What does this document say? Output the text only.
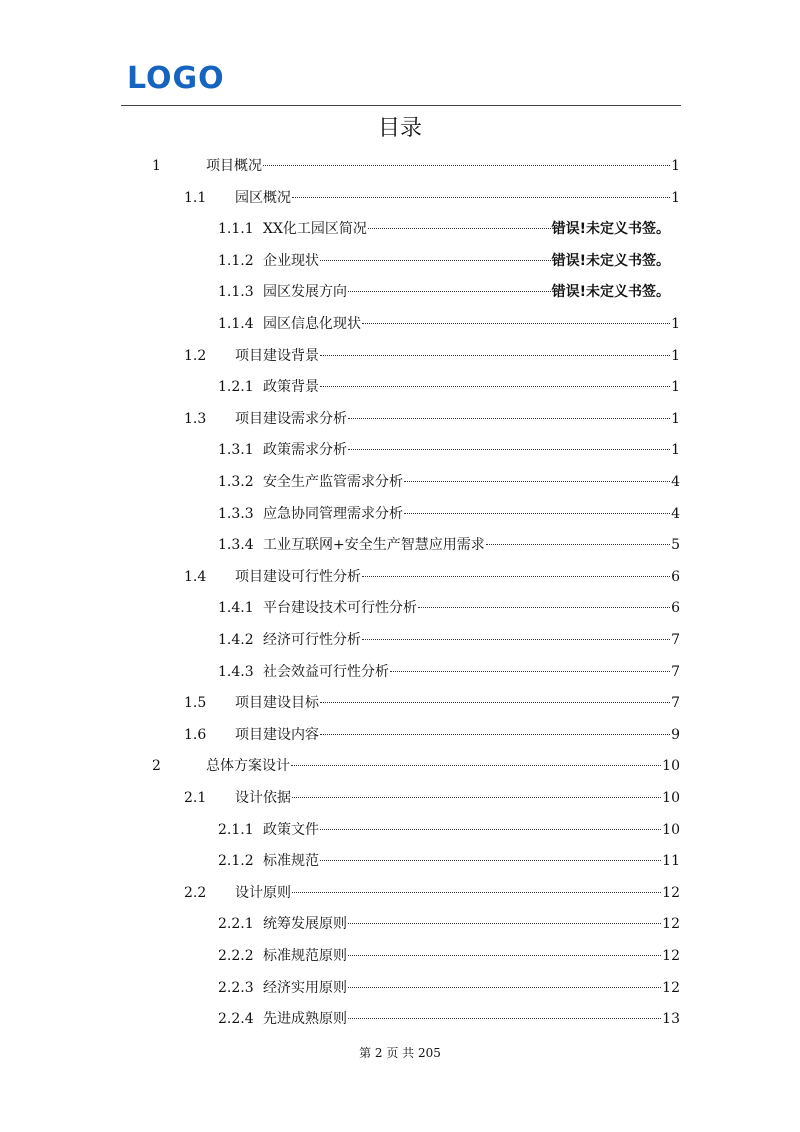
LOGO
目录
1	项目概况	1
1.1	园区概况	1
1.1.1 XX化工园区简况	错误!未定义书签。
1.1.2 企业现状	错误!未定义书签。
1.1.3 园区发展方向	错误!未定义书签。
1.1.4 园区信息化现状	1
1.2	项目建设背景	1
1.2.1 政策背景	1
1.3	项目建设需求分析	1
1.3.1 政策需求分析	1
1.3.2 安全生产监管需求分析	4
1.3.3 应急协同管理需求分析	4
1.3.4 工业互联网+安全生产智慧应用需求	5
1.4	项目建设可行性分析	6
1.4.1 平台建设技术可行性分析	6
1.4.2 经济可行性分析	7
1.4.3 社会效益可行性分析	7
1.5	项目建设目标	7
1.6	项目建设内容	9
2	总体方案设计	10
2.1	设计依据	10
2.1.1 政策文件	10
2.1.2 标准规范	11
2.2	设计原则	12
2.2.1 统筹发展原则	12
2.2.2 标准规范原则	12
2.2.3 经济实用原则	12
2.2.4 先进成熟原则	13
第 2 页 共 205
